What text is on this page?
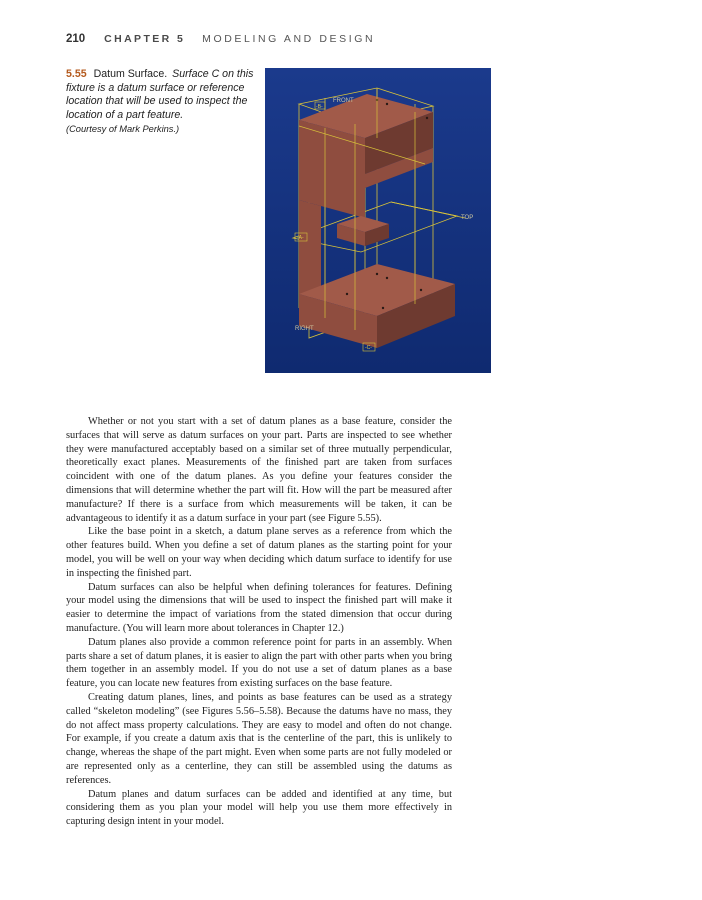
210 CHAPTER 5 MODELING AND DESIGN
5.55 Datum Surface. Surface C on this fixture is a datum surface or reference location that will be used to inspect the location of a part feature.
(Courtesy of Mark Perkins.)
-B-
FRONT
TOP
-A-
RIGHT
-C-

Whether or not you start with a set of datum planes as a base feature, consider the surfaces that will serve as datum surfaces on your part. Parts are inspected to see whether they were manufactured acceptably based on a similar set of three mutually perpendicular, theoretically exact planes. Measurements of the finished part are taken from surfaces coincident with one of the datum planes. As you define your features consider the dimensions that will determine whether the part will fit. How will the part be measured after manufacture? If there is a surface from which measurements will be taken, it can be advantageous to identify it as a datum surface in your part (see Figure 5.55).

Like the base point in a sketch, a datum plane serves as a reference from which the other features build. When you define a set of datum planes as the starting point for your model, you will be well on your way when deciding which datum surface to identify for use in inspecting the finished part.

Datum surfaces can also be helpful when defining tolerances for features. Defining your model using the dimensions that will be used to inspect the finished part will make it easier to determine the impact of variations from the stated dimension that occur during manufacture. (You will learn more about tolerances in Chapter 12.)

Datum planes also provide a common reference point for parts in an assembly. When parts share a set of datum planes, it is easier to align the part with other parts when you bring them together in an assembly model. If you do not use a set of datum planes as a base feature, you can locate new features from existing surfaces on the base feature.

Creating datum planes, lines, and points as base features can be used as a strategy called “skeleton modeling” (see Figures 5.56–5.58). Because the datums have no mass, they do not affect mass property calculations. They are easy to model and often do not change. For example, if you create a datum axis that is the centerline of the part, this is unlikely to change, whereas the shape of the part might. Even when some parts are not fully modeled or are represented only as a centerline, they can still be assembled using the datums as references.

Datum planes and datum surfaces can be added and identified at any time, but considering them as you plan your model will help you use them more effectively in capturing design intent in your model.
